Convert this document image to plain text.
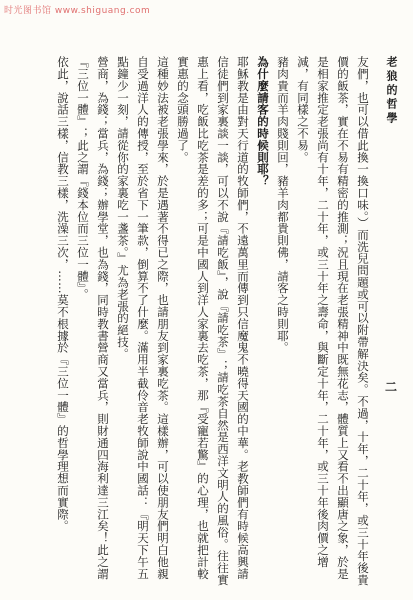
时光图书馆 www.shiguang.com
老狼的哲學
二

友們，也可以借此換一換口味。）而洗兒問題或可以附帶解決矣。不過，十年，二十年，或三十年後貴價的飯茶，實在不易有精密的推測；況且現在老張精神中既無花志，體質上又看不出顯唐之象，於是是相家推定老張尚有十年，二十年，或三十年之壽命，與斷定十年，二十年，或三十年後肉價之增減，有同樣之不易。

豬肉貴而羊肉賤則回，豬羊肉都貴則佛，請客之時則耶。

為什麼請客的時候則耶？

耶穌教是由對天行道的牧師們，不遠萬里而傳到只信魔鬼不曉得天國的中華。老教師們有時候高興請信徒們到家裏談一談，可以不說『請吃飯』，說『請吃茶』；請吃茶自然是西洋文明人的風俗。往往實惠上看，吃飯比吃茶是差的多；可是中國人到洋人家裏去吃茶，那『受寵若驚』的心理，也就把計較實惠的念頭勝過了。

這種妙法被老張學來，於是遇著不得已之際，也請朋友到家裏吃茶。這樣辦，可以使朋友們明白他親自受過洋人的傳授，至於省下一筆款，倒算不了什麼。滿用半截伶音老牧師說中國話：『明天下午五點鐘少一刻，請從你的家裏吃一盞茶。』尤為老張的絕技。

營商，為錢；當兵，為錢；辦學堂，也為錢，同時教書營商又當兵，則財通四海利達三江矣！此之謂『三位一體』；此之謂『錢本位而三位一體』。

依此，說話三樣，信教三樣，洗澡三次，……莫不根據於『三位一體』的哲學理想而實際。
